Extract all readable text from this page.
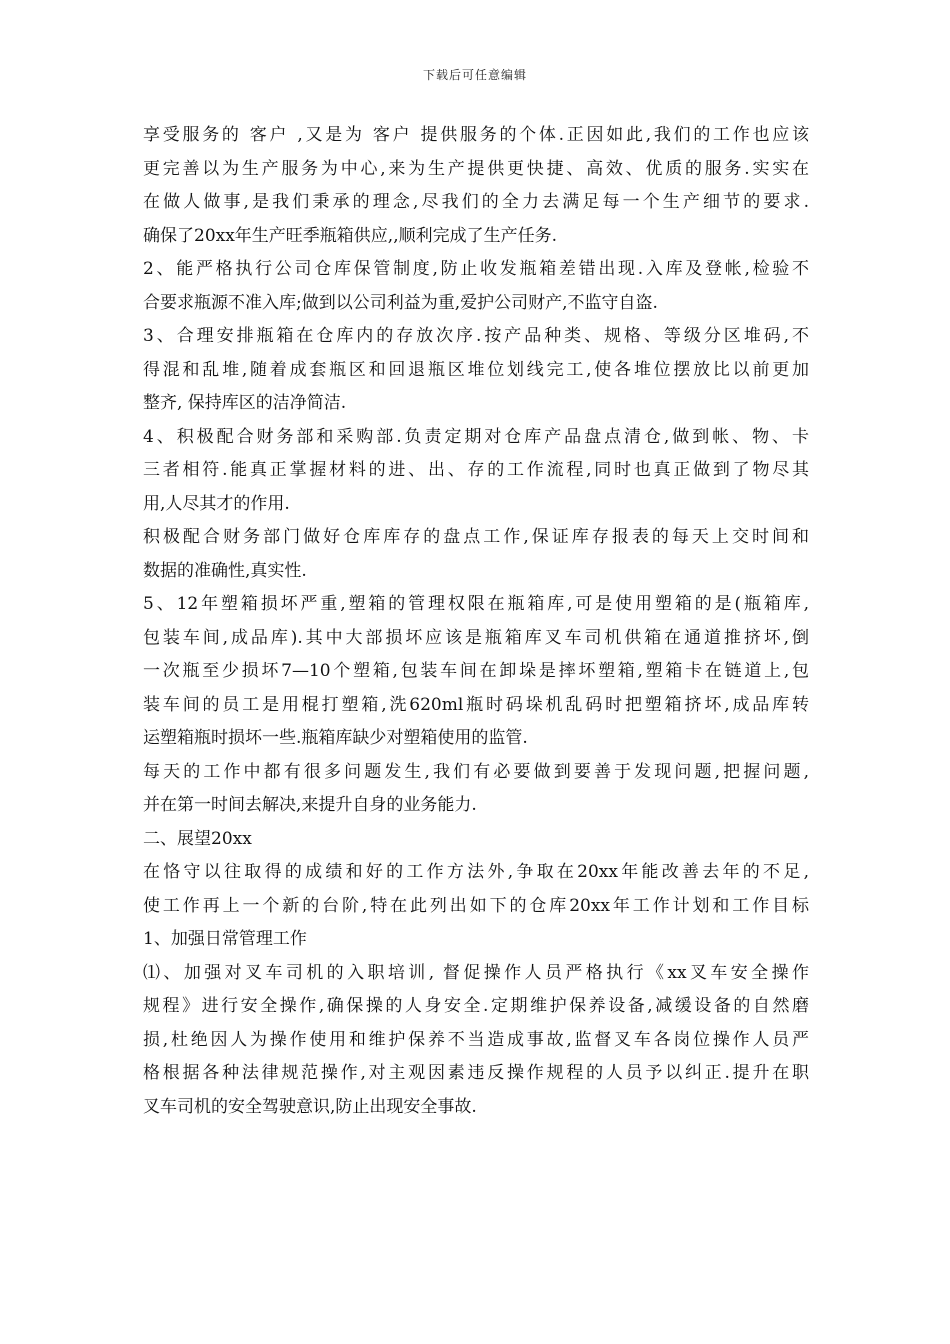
下载后可任意编辑
享受服务的 客户 ,又是为 客户 提供服务的个体.正因如此,我们的工作也应该
更完善以为生产服务为中心,来为生产提供更快捷、高效、优质的服务.实实在
在做人做事,是我们秉承的理念,尽我们的全力去满足每一个生产细节的要求.
确保了20xx年生产旺季瓶箱供应,,顺利完成了生产任务.
2、能严格执行公司仓库保管制度,防止收发瓶箱差错出现.入库及登帐,检验不
合要求瓶源不准入库;做到以公司利益为重,爱护公司财产,不监守自盗.
3、合理安排瓶箱在仓库内的存放次序.按产品种类、规格、等级分区堆码,不
得混和乱堆,随着成套瓶区和回退瓶区堆位划线完工,使各堆位摆放比以前更加
整齐, 保持库区的洁净简洁.
4、积极配合财务部和采购部.负责定期对仓库产品盘点清仓,做到帐、物、卡
三者相符.能真正掌握材料的进、出、存的工作流程,同时也真正做到了物尽其
用,人尽其才的作用.
积极配合财务部门做好仓库库存的盘点工作,保证库存报表的每天上交时间和
数据的准确性,真实性.
5、12年塑箱损坏严重,塑箱的管理权限在瓶箱库,可是使用塑箱的是(瓶箱库,
包装车间,成品库).其中大部损坏应该是瓶箱库叉车司机供箱在通道推挤坏,倒
一次瓶至少损坏7—10个塑箱,包装车间在卸垛是摔坏塑箱,塑箱卡在链道上,包
装车间的员工是用棍打塑箱,洗620ml瓶时码垛机乱码时把塑箱挤坏,成品库转
运塑箱瓶时损坏一些.瓶箱库缺少对塑箱使用的监管.
每天的工作中都有很多问题发生,我们有必要做到要善于发现问题,把握问题,
并在第一时间去解决,来提升自身的业务能力.
二、展望20xx
在恪守以往取得的成绩和好的工作方法外,争取在20xx年能改善去年的不足,
使工作再上一个新的台阶,特在此列出如下的仓库20xx年工作计划和工作目标
1、加强日常管理工作
⑴、加强对叉车司机的入职培训, 督促操作人员严格执行《xx叉车安全操作
规程》进行安全操作,确保操的人身安全.定期维护保养设备,减缓设备的自然磨
损,杜绝因人为操作使用和维护保养不当造成事故,监督叉车各岗位操作人员严
格根据各种法律规范操作,对主观因素违反操作规程的人员予以纠正.提升在职
叉车司机的安全驾驶意识,防止出现安全事故.
